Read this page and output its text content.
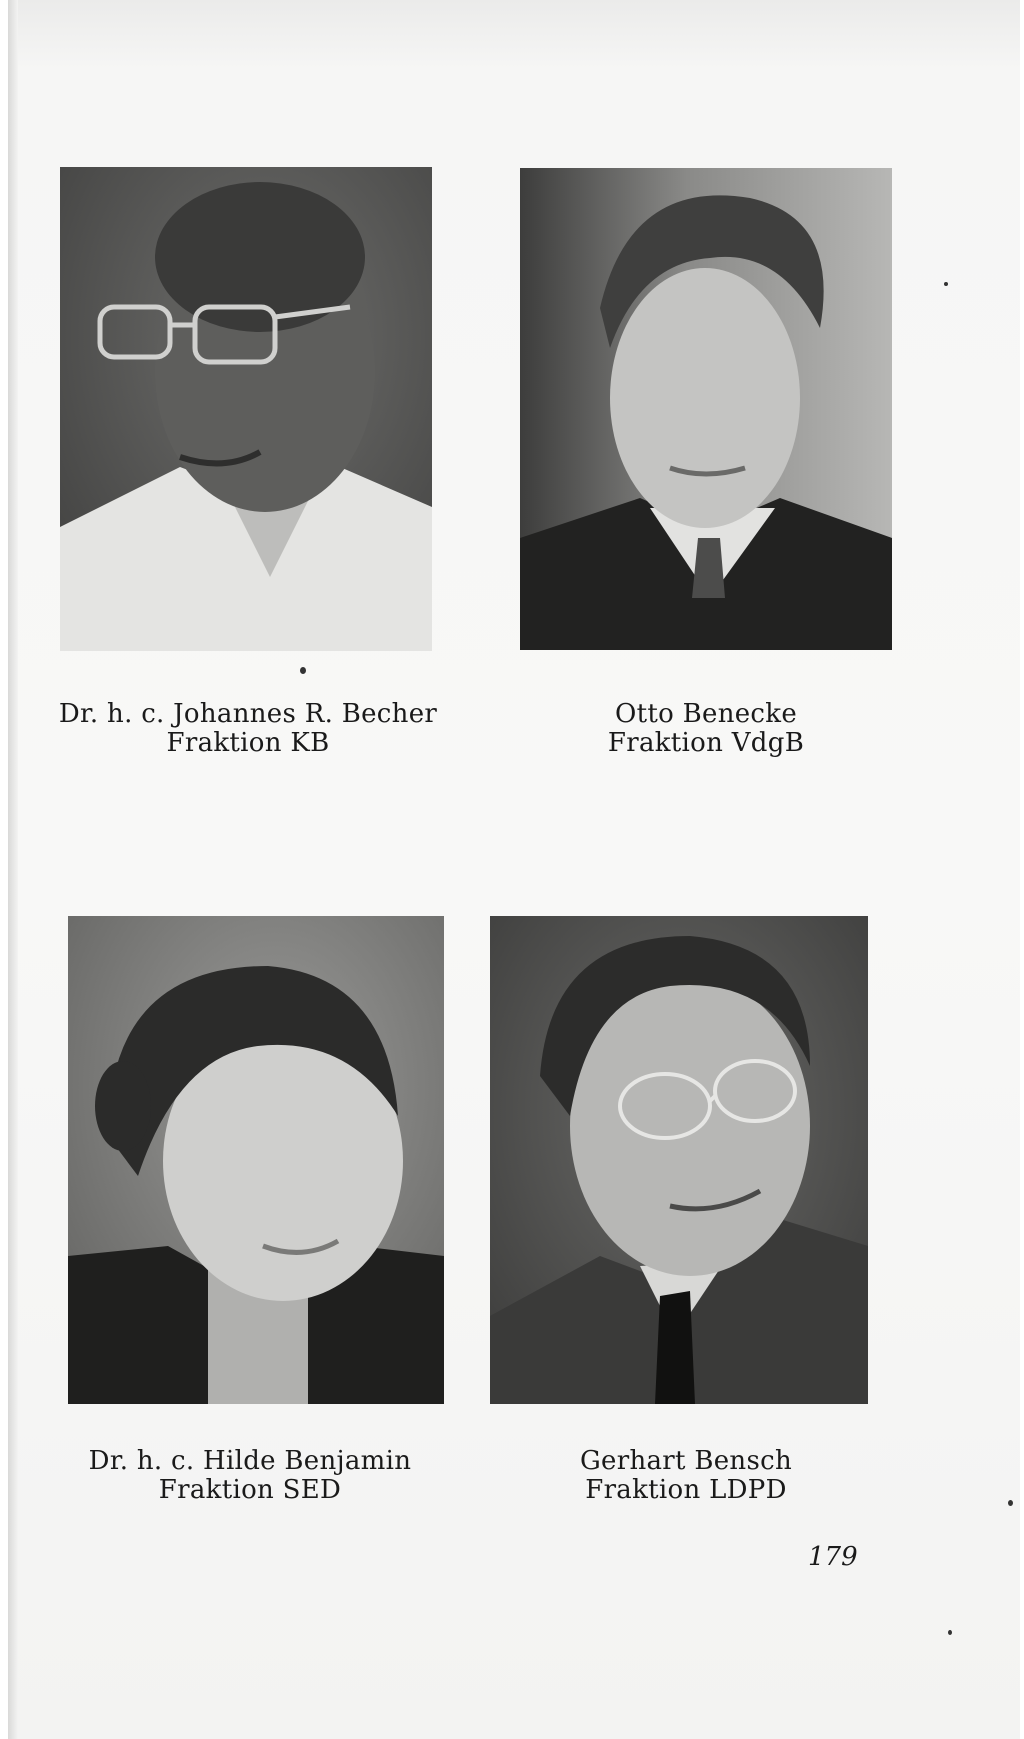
Dr. h. c. Johannes R. Becher
Fraktion KB
Otto Benecke
Fraktion VdgB
Dr. h. c. Hilde Benjamin
Fraktion SED
Gerhart Bensch
Fraktion LDPD
179
